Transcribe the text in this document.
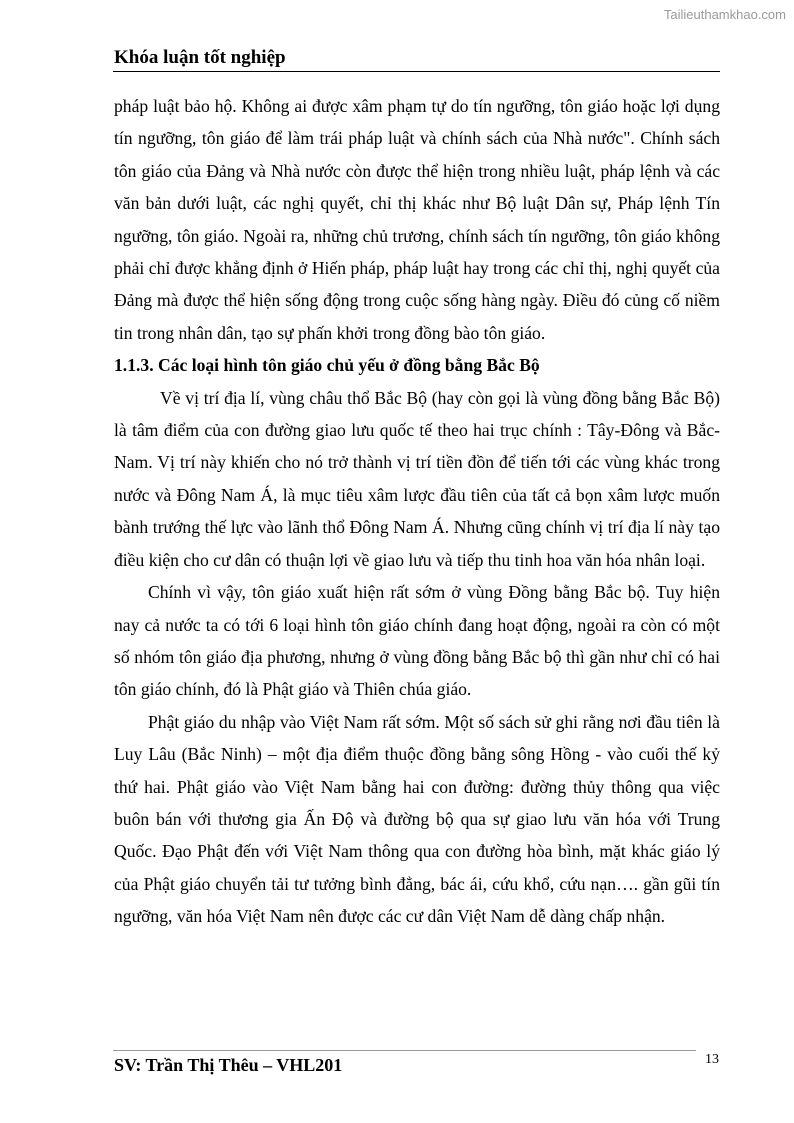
Tailieuthamkhao.com
Khóa luận tốt nghiệp

pháp luật bảo hộ. Không ai được xâm phạm tự do tín ngưỡng, tôn giáo hoặc lợi dụng tín ngưỡng, tôn giáo để làm trái pháp luật và chính sách của Nhà nước". Chính sách tôn giáo của Đảng và Nhà nước còn được thể hiện trong nhiều luật, pháp lệnh và các văn bản dưới luật, các nghị quyết, chỉ thị khác như Bộ luật Dân sự, Pháp lệnh Tín ngưỡng, tôn giáo. Ngoài ra, những chủ trương, chính sách tín ngưỡng, tôn giáo không phải chỉ được khẳng định ở Hiến pháp, pháp luật hay trong các chỉ thị, nghị quyết của Đảng mà được thể hiện sống động trong cuộc sống hàng ngày. Điều đó củng cố niềm tin trong nhân dân, tạo sự phấn khởi trong đồng bào tôn giáo.

1.1.3. Các loại hình tôn giáo chủ yếu ở đồng bằng Bắc Bộ

Về vị trí địa lí, vùng châu thổ Bắc Bộ (hay còn gọi là vùng đồng bằng Bắc Bộ) là tâm điểm của con đường giao lưu quốc tế theo hai trục chính : Tây-Đông và Bắc-Nam. Vị trí này khiến cho nó trở thành vị trí tiền đồn để tiến tới các vùng khác trong nước và Đông Nam Á, là mục tiêu xâm lược đầu tiên của tất cả bọn xâm lược muốn bành trướng thế lực vào lãnh thổ Đông Nam Á. Nhưng cũng chính vị trí địa lí này tạo điều kiện cho cư dân có thuận lợi về giao lưu và tiếp thu tinh hoa văn hóa nhân loại.

Chính vì vậy, tôn giáo xuất hiện rất sớm ở vùng Đồng bằng Bắc bộ. Tuy hiện nay cả nước ta có tới 6 loại hình tôn giáo chính đang hoạt động, ngoài ra còn có một số nhóm tôn giáo địa phương, nhưng ở vùng đồng bằng Bắc bộ thì gần như chỉ có hai tôn giáo chính, đó là Phật giáo và Thiên chúa giáo.

Phật giáo du nhập vào Việt Nam rất sớm. Một số sách sử ghi rằng nơi đầu tiên là Luy Lâu (Bắc Ninh) – một địa điểm thuộc đồng bằng sông Hồng - vào cuối thế kỷ thứ hai. Phật giáo vào Việt Nam bằng hai con đường: đường thủy thông qua việc buôn bán với thương gia Ấn Độ và đường bộ qua sự giao lưu văn hóa với Trung Quốc. Đạo Phật đến với Việt Nam thông qua con đường hòa bình, mặt khác giáo lý của Phật giáo chuyển tải tư tưởng bình đẳng, bác ái, cứu khổ, cứu nạn…. gần gũi tín ngưỡng, văn hóa Việt Nam nên được các cư dân Việt Nam dễ dàng chấp nhận.

SV: Trần Thị Thêu – VHL201	13
